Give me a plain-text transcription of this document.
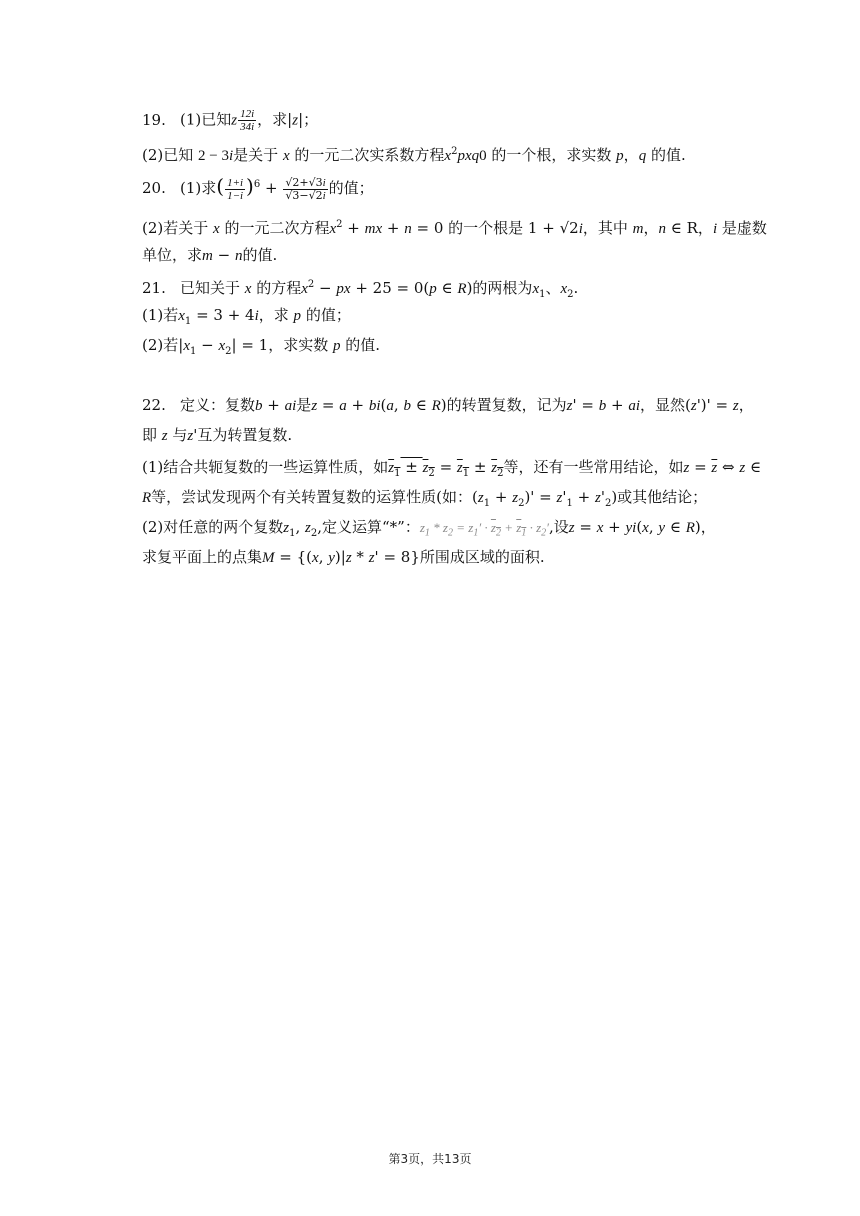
19. (1)已知z $\frac{12i}{34i}$ ，求|z|；
(2)已知 2 − 3i是关于 x 的一元二次实系数方程$x^2pxq0$ 的一个根，求实数 p，q 的值.
20. (1)求( $\frac{1+i}{1-i} )^6 + \frac{√2+√3i}{√3-√2i}$ 的值；
(2)若关于 x 的一元二次方程$x^2$ + mx + n = 0 的一个根是 1 + √2i，其中 m，n ∈ R，i 是虚数
单位，求m − n的值.
21. 已知关于 x 的方程$x^2$ − px + 25 = 0(p ∈ R)的两根为$x_1$、$x_2$.
(1)若$x_1 = 3 + 4i$，求 p 的值；
(2)若$|x_1 - x_2| = 1$，求实数 p 的值.
22. 定义：复数b + ai是z = a + bi(a, b ∈ R)的转置复数，记为z' = b + ai，显然(z')' = z，
即 z 与z'互为转置复数.
(1)结合共轭复数的一些运算性质，如$z_1 \pm z_2 = z_1 \pm z_2$等，还有一些常用结论，如$z = \overline{z}$ ⇔ z ∈
R等，尝试发现两个有关转置复数的运算性质(如：$(z_1 + z_2)' = z'_1 + z'_2$)或其他结论；
(2)对任意的两个复数$z_1$, $z_2$,定义运算“*”：$z_1 * z_2 = z_1' \cdot z_2 + z_1 \cdot z_2'$,设z = x + yi(x, y ∈ R)，
求复平面上的点集M = {(x, y)|z * z' = 8}所围成区域的面积.
第3页，共13页
